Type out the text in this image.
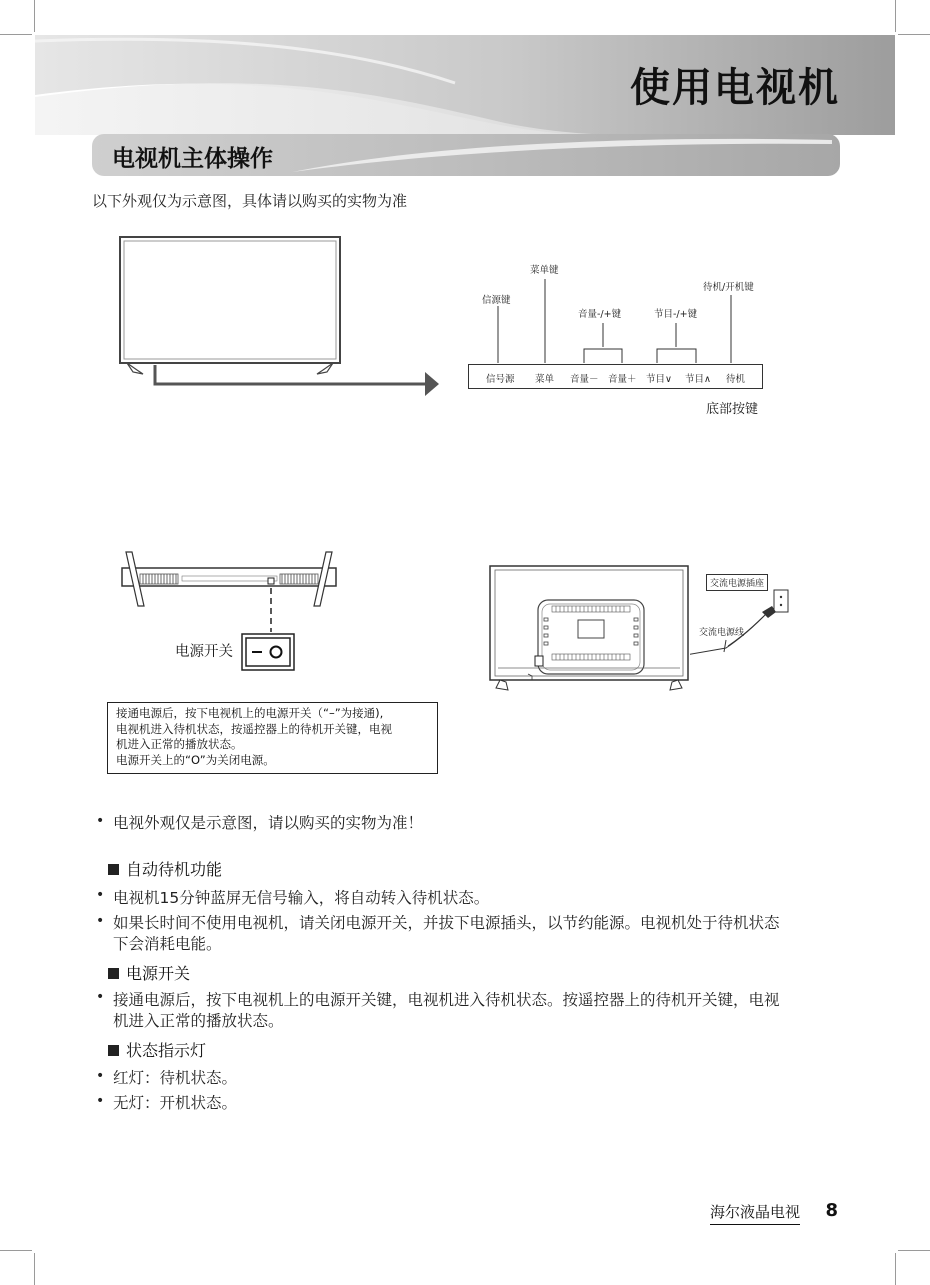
使用电视机
电视机主体操作
以下外观仅为示意图，具体请以购买的实物为准
信源键
菜单键
音量-/+键	节目-/+键
待机/开机键
信号源 菜单 音量－ 音量＋ 节目∨ 节目∧ 待机
底部按键
电源开关
接通电源后，按下电视机上的电源开关（“–”为接通),
电视机进入待机状态，按遥控器上的待机开关键，电视
机进入正常的播放状态。
电源开关上的“O”为关闭电源。
交流电源插座
交流电源线
• 电视外观仅是示意图，请以购买的实物为准！
自动待机功能
• 电视机15分钟蓝屏无信号输入，将自动转入待机状态。
• 如果长时间不使用电视机，请关闭电源开关，并拔下电源插头，以节约能源。电视机处于待机状态
下会消耗电能。
电源开关
• 接通电源后，按下电视机上的电源开关键，电视机进入待机状态。按遥控器上的待机开关键，电视
机进入正常的播放状态。
状态指示灯
• 红灯：待机状态。
• 无灯：开机状态。
海尔液晶电视 8
